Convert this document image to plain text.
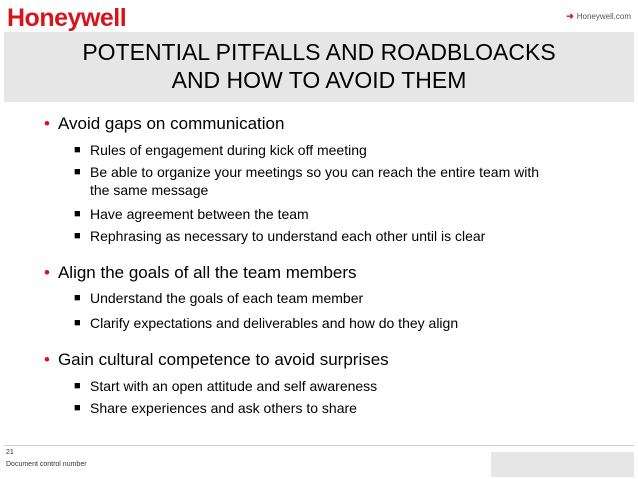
Honeywell	➜ Honeywell.com
POTENTIAL PITFALLS AND ROADBLOACKS
AND HOW TO AVOID THEM
• Avoid gaps on communication
■ Rules of engagement during kick off meeting
■ Be able to organize your meetings so you can reach the entire team with
the same message
■ Have agreement between the team
■ Rephrasing as necessary to understand each other until is clear
• Align the goals of all the team members
■ Understand the goals of each team member
■ Clarify expectations and deliverables and how do they align
• Gain cultural competence to avoid surprises
■ Start with an open attitude and self awareness
■ Share experiences and ask others to share
21
Document control number
